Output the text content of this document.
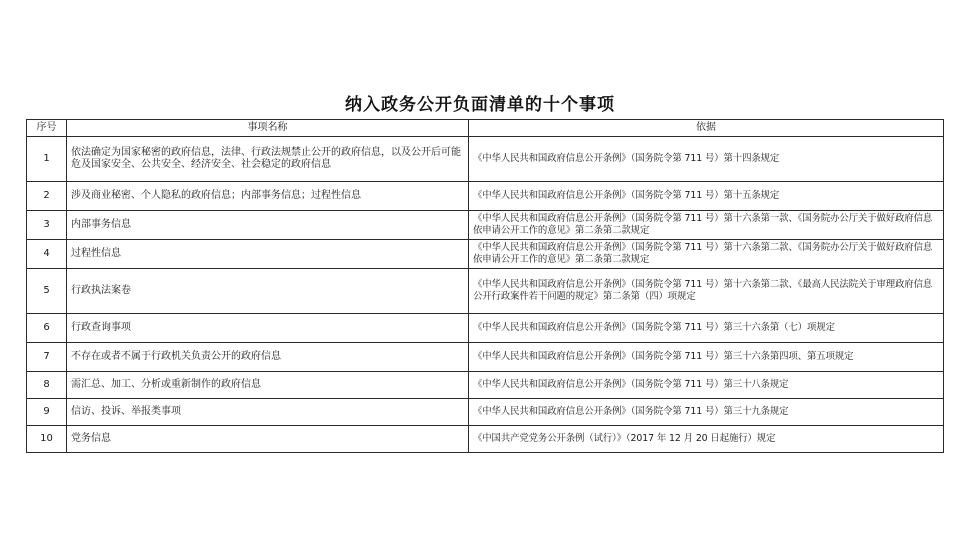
纳入政务公开负面清单的十个事项
序号	事项名称	依据
1	依法确定为国家秘密的政府信息，法律、行政法规禁止公开的政府信息，以及公开后可能危及国家安全、公共安全、经济安全、社会稳定的政府信息	《中华人民共和国政府信息公开条例》（国务院令第 711 号）第十四条规定
2	涉及商业秘密、个人隐私的政府信息；内部事务信息；过程性信息	《中华人民共和国政府信息公开条例》（国务院令第 711 号）第十五条规定
3	内部事务信息	《中华人民共和国政府信息公开条例》（国务院令第 711 号）第十六条第一款、《国务院办公厅关于做好政府信息依申请公开工作的意见》第二条第二款规定
4	过程性信息	《中华人民共和国政府信息公开条例》（国务院令第 711 号）第十六条第二款、《国务院办公厅关于做好政府信息依申请公开工作的意见》第二条第二款规定
5	行政执法案卷	《中华人民共和国政府信息公开条例》（国务院令第 711 号）第十六条第二款、《最高人民法院关于审理政府信息公开行政案件若干问题的规定》第二条第（四）项规定
6	行政查询事项	《中华人民共和国政府信息公开条例》（国务院令第 711 号）第三十六条第（七）项规定
7	不存在或者不属于行政机关负责公开的政府信息	《中华人民共和国政府信息公开条例》（国务院令第 711 号）第三十六条第四项、第五项规定
8	需汇总、加工、分析或重新制作的政府信息	《中华人民共和国政府信息公开条例》（国务院令第 711 号）第三十八条规定
9	信访、投诉、举报类事项	《中华人民共和国政府信息公开条例》（国务院令第 711 号）第三十九条规定
10	党务信息	《中国共产党党务公开条例（试行）》（2017 年 12 月 20 日起施行）规定
